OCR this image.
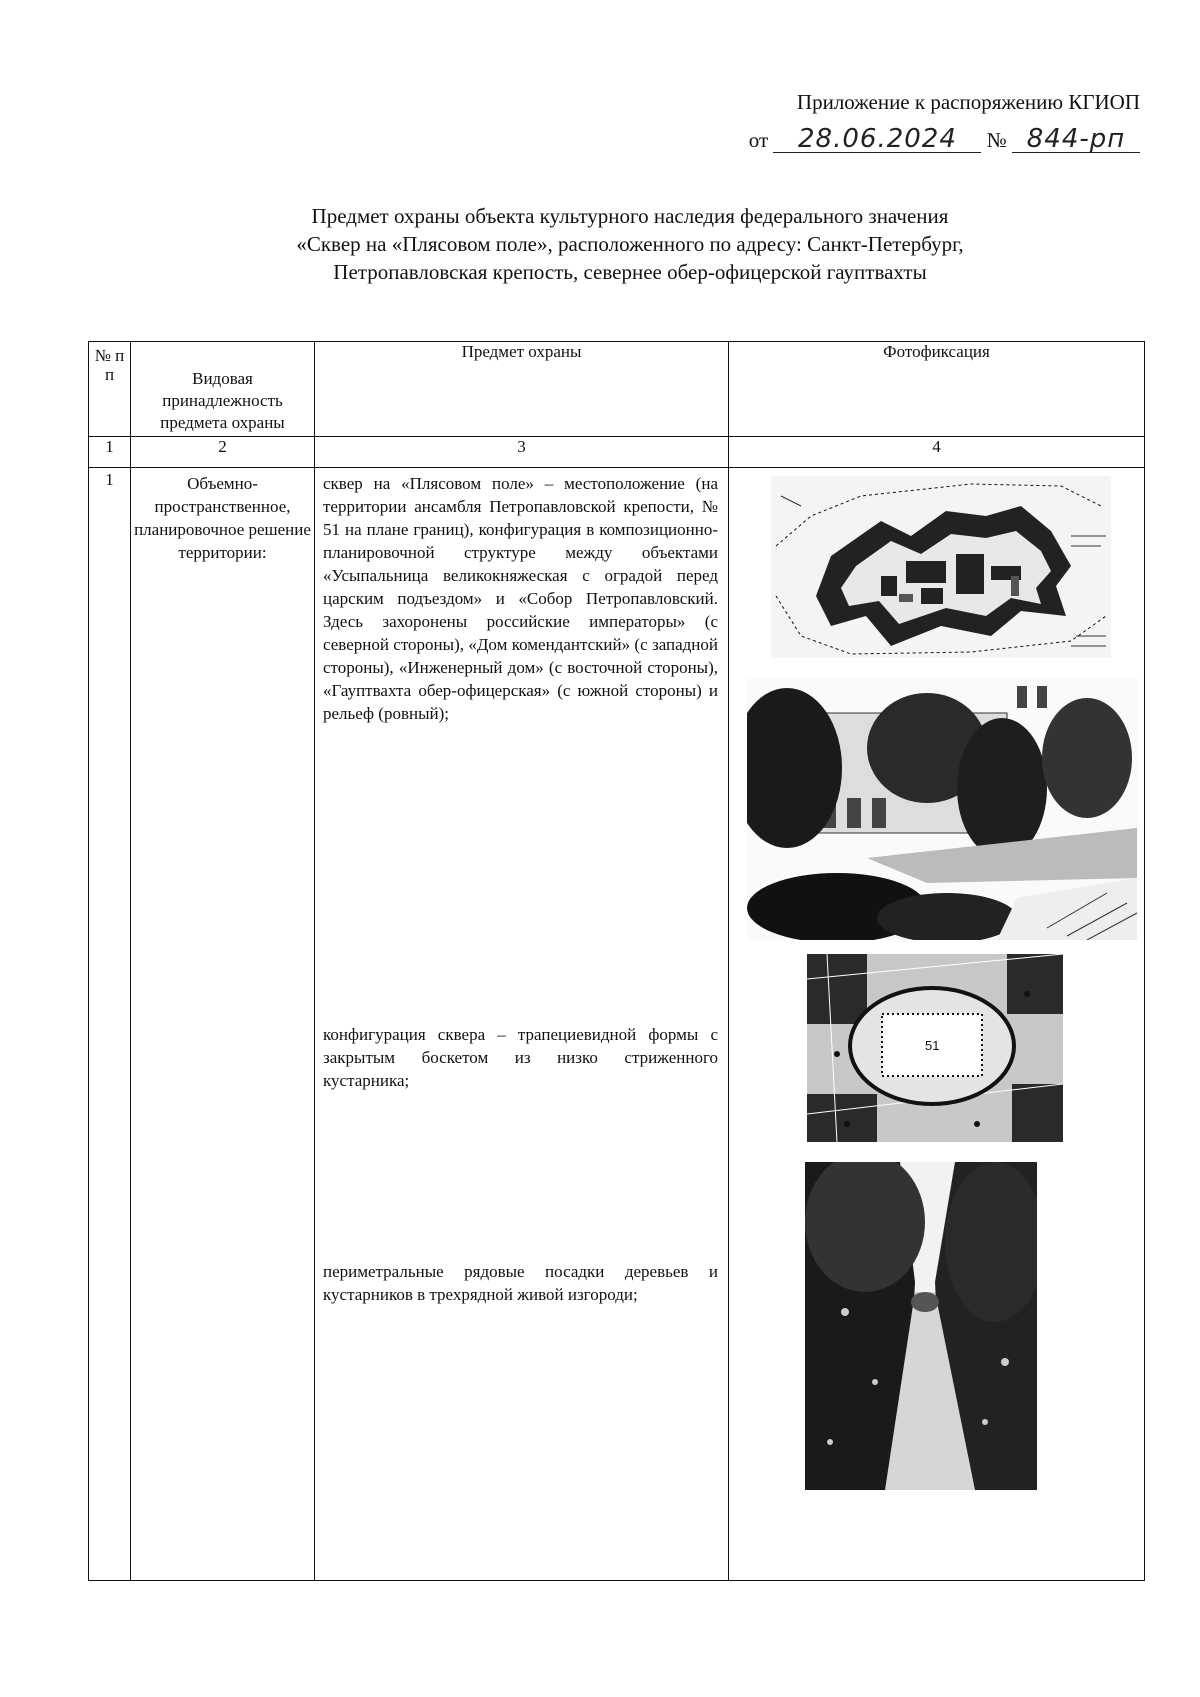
Приложение к распоряжению КГИОП
от 28.06.2024 № 844-рп
Предмет охраны объекта культурного наследия федерального значения
«Сквер на «Плясовом поле», расположенного по адресу: Санкт-Петербург,
Петропавловская крепость, севернее обер-офицерской гауптвахты
№ п п	Видовая принадлежность предмета охраны	Предмет охраны	Фотофиксация
1	2	3	4
1	Объемно-пространственное, планировочное решение территории:	сквер на «Плясовом поле» – местоположение (на территории ансамбля Петропавловской крепости, № 51 на плане границ), конфигурация в композиционно-планировочной структуре между объектами «Усыпальница великокняжеская с оградой перед царским подъездом» и «Собор Петропавловский. Здесь захоронены российские императоры» (с северной стороны), «Дом комендантский» (с западной стороны), «Инженерный дом» (с восточной стороны), «Гауптвахта обер-офицерская» (с южной стороны) и рельеф (ровный);

конфигурация сквера – трапециевидной формы с закрытым боскетом из низко стриженного кустарника;

периметральные рядовые посадки деревьев и кустарников в трехрядной живой изгороди;	51
